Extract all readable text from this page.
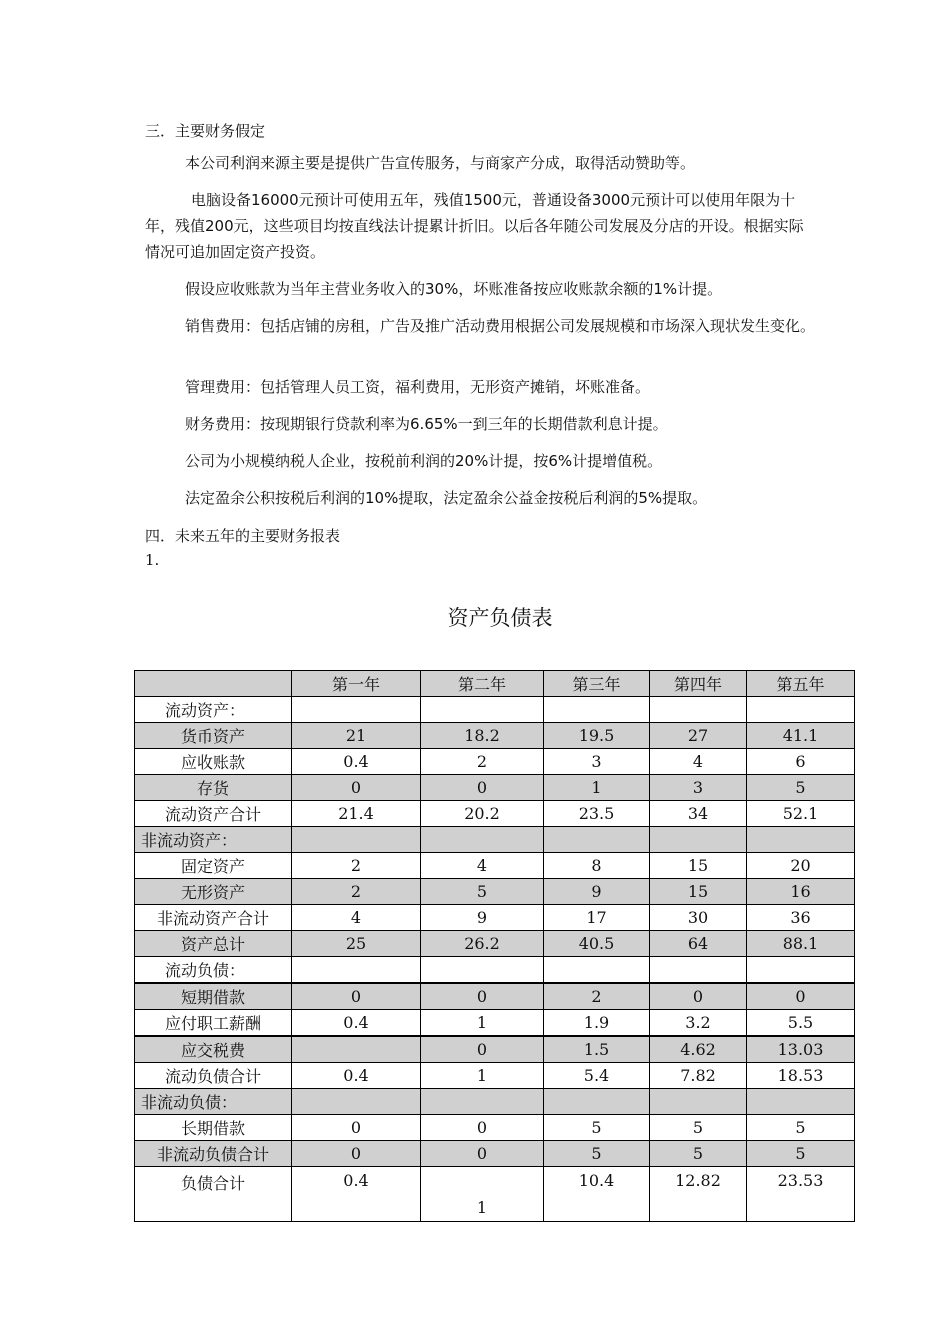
三．主要财务假定
本公司利润来源主要是提供广告宣传服务，与商家产分成，取得活动赞助等。
电脑设备16000元预计可使用五年，残值1500元，普通设备3000元预计可以使用年限为十年，残值200元，这些项目均按直线法计提累计折旧。以后各年随公司发展及分店的开设。根据实际情况可追加固定资产投资。
假设应收账款为当年主营业务收入的30%，坏账准备按应收账款余额的1%计提。
销售费用：包括店铺的房租，广告及推广活动费用根据公司发展规模和市场深入现状发生变化。
管理费用：包括管理人员工资，福利费用，无形资产摊销，坏账准备。
财务费用：按现期银行贷款利率为6.65%一到三年的长期借款利息计提。
公司为小规模纳税人企业，按税前利润的20%计提，按6%计提增值税。
法定盈余公积按税后利润的10%提取，法定盈余公益金按税后利润的5%提取。
四．未来五年的主要财务报表
1.
资产负债表
	第一年	第二年	第三年	第四年	第五年
流动资产：					
货币资产	21	18.2	19.5	27	41.1
应收账款	0.4	2	3	4	6
存货	0	0	1	3	5
流动资产合计	21.4	20.2	23.5	34	52.1
非流动资产：					
固定资产	2	4	8	15	20
无形资产	2	5	9	15	16
非流动资产合计	4	9	17	30	36
资产总计	25	26.2	40.5	64	88.1
流动负债：					
短期借款	0	0	2	0	0
应付职工薪酬	0.4	1	1.9	3.2	5.5
应交税费		0	1.5	4.62	13.03
流动负债合计	0.4	1	5.4	7.82	18.53
非流动负债：					
长期借款	0	0	5	5	5
非流动负债合计	0	0	5	5	5
负债合计	0.4	1	10.4	12.82	23.53
